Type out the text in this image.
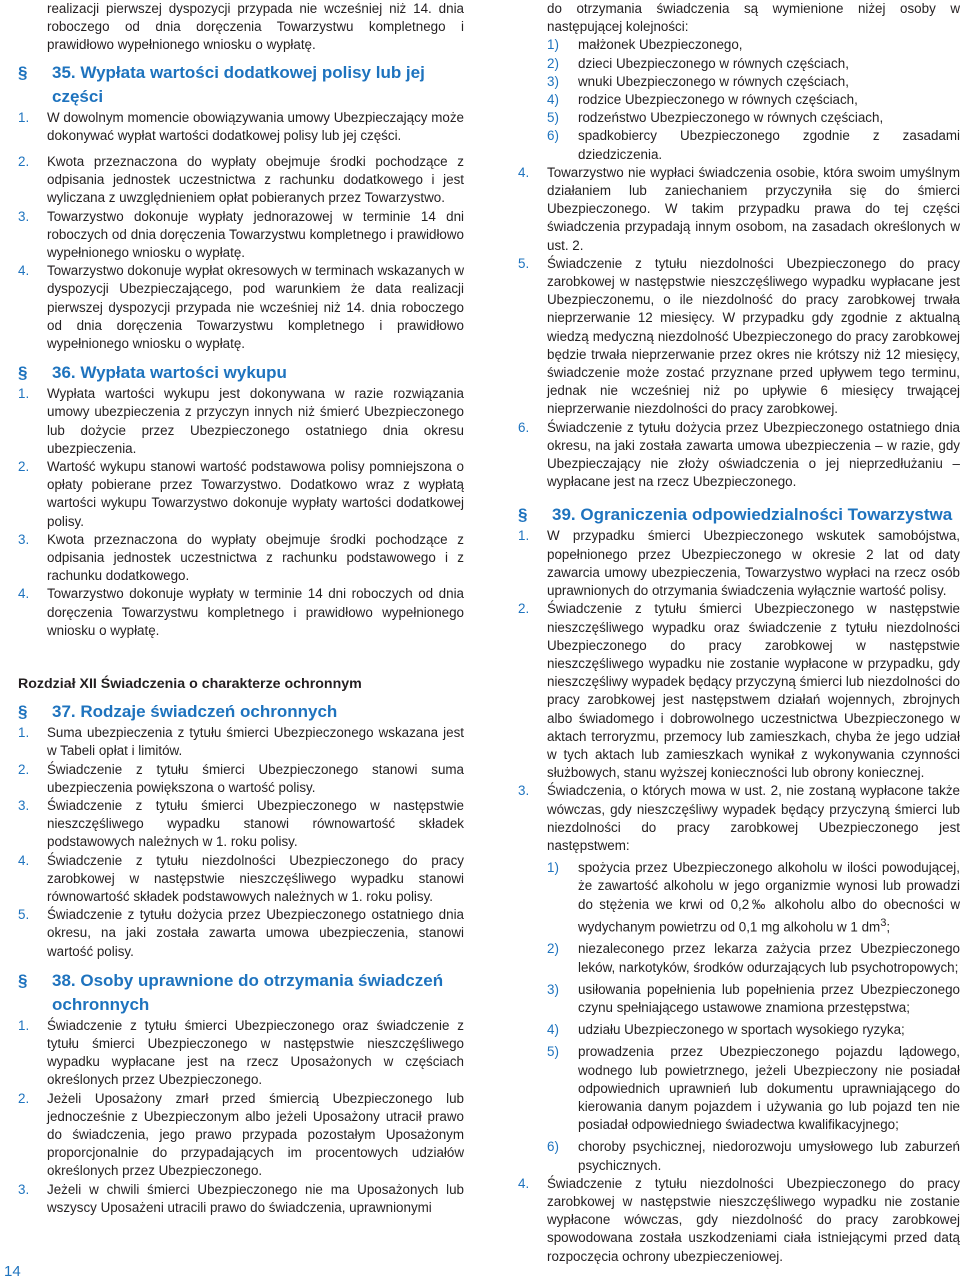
realizacji pierwszej dyspozycji przypada nie wcześniej niż 14. dnia roboczego od dnia doręczenia Towarzystwu kompletnego i prawidłowo wypełnionego wniosku o wypłatę.

§ 35. Wypłata wartości dodatkowej polisy lub jej części
1. W dowolnym momencie obowiązywania umowy Ubezpieczający może dokonywać wypłat wartości dodatkowej polisy lub jej części.
2. Kwota przeznaczona do wypłaty obejmuje środki pochodzące z odpisania jednostek uczestnictwa z rachunku dodatkowego i jest wyliczana z uwzględnieniem opłat pobieranych przez Towarzystwo.
3. Towarzystwo dokonuje wypłaty jednorazowej w terminie 14 dni roboczych od dnia doręczenia Towarzystwu kompletnego i prawidłowo wypełnionego wniosku o wypłatę.
4. Towarzystwo dokonuje wypłat okresowych w terminach wskazanych w dyspozycji Ubezpieczającego, pod warunkiem że data realizacji pierwszej dyspozycji przypada nie wcześniej niż 14. dnia roboczego od dnia doręczenia Towarzystwu kompletnego i prawidłowo wypełnionego wniosku o wypłatę.
§ 36. Wypłata wartości wykupu
1. Wypłata wartości wykupu jest dokonywana w razie rozwiązania umowy ubezpieczenia z przyczyn innych niż śmierć Ubezpieczonego lub dożycie przez Ubezpieczonego ostatniego dnia okresu ubezpieczenia.
2. Wartość wykupu stanowi wartość podstawowa polisy pomniejszona o opłaty pobierane przez Towarzystwo. Dodatkowo wraz z wypłatą wartości wykupu Towarzystwo dokonuje wypłaty wartości dodatkowej polisy.
3. Kwota przeznaczona do wypłaty obejmuje środki pochodzące z odpisania jednostek uczestnictwa z rachunku podstawowego i z rachunku dodatkowego.
4. Towarzystwo dokonuje wypłaty w terminie 14 dni roboczych od dnia doręczenia Towarzystwu kompletnego i prawidłowo wypełnionego wniosku o wypłatę.

Rozdział XII Świadczenia o charakterze ochronnym

§ 37. Rodzaje świadczeń ochronnych
1. Suma ubezpieczenia z tytułu śmierci Ubezpieczonego wskazana jest w Tabeli opłat i limitów.
2. Świadczenie z tytułu śmierci Ubezpieczonego stanowi suma ubezpieczenia powiększona o wartość polisy.
3. Świadczenie z tytułu śmierci Ubezpieczonego w następstwie nieszczęśliwego wypadku stanowi równowartość składek podstawowych należnych w 1. roku polisy.
4. Świadczenie z tytułu niezdolności Ubezpieczonego do pracy zarobkowej w następstwie nieszczęśliwego wypadku stanowi równowartość składek podstawowych należnych w 1. roku polisy.
5. Świadczenie z tytułu dożycia przez Ubezpieczonego ostatniego dnia okresu, na jaki została zawarta umowa ubezpieczenia, stanowi wartość polisy.
§ 38. Osoby uprawnione do otrzymania świadczeń ochronnych
1. Świadczenie z tytułu śmierci Ubezpieczonego oraz świadczenie z tytułu śmierci Ubezpieczonego w następstwie nieszczęśliwego wypadku wypłacane jest na rzecz Uposażonych w częściach określonych przez Ubezpieczonego.
2. Jeżeli Uposażony zmarł przed śmiercią Ubezpieczonego lub jednocześnie z Ubezpieczonym albo jeżeli Uposażony utracił prawo do świadczenia, jego prawo przypada pozostałym Uposażonym proporcjonalnie do przypadających im procentowych udziałów określonych przez Ubezpieczonego.
3. Jeżeli w chwili śmierci Ubezpieczonego nie ma Uposażonych lub wszyscy Uposażeni utracili prawo do świadczenia, uprawnionymi

do otrzymania świadczenia są wymienione niżej osoby w następującej kolejności:

1) małżonek Ubezpieczonego,
2) dzieci Ubezpieczonego w równych częściach,
3) wnuki Ubezpieczonego w równych częściach,
4) rodzice Ubezpieczonego w równych częściach,
5) rodzeństwo Ubezpieczonego w równych częściach,
6) spadkobiercy Ubezpieczonego zgodnie z zasadami dziedziczenia.
4. Towarzystwo nie wypłaci świadczenia osobie, która swoim umyślnym działaniem lub zaniechaniem przyczyniła się do śmierci Ubezpieczonego. W takim przypadku prawa do tej części świadczenia przypadają innym osobom, na zasadach określonych w ust. 2.
5. Świadczenie z tytułu niezdolności Ubezpieczonego do pracy zarobkowej w następstwie nieszczęśliwego wypadku wypłacane jest Ubezpieczonemu, o ile niezdolność do pracy zarobkowej trwała nieprzerwanie 12 miesięcy. W przypadku gdy zgodnie z aktualną wiedzą medyczną niezdolność Ubezpieczonego do pracy zarobkowej będzie trwała nieprzerwanie przez okres nie krótszy niż 12 miesięcy, świadczenie może zostać przyznane przed upływem tego terminu, jednak nie wcześniej niż po upływie 6 miesięcy trwającej nieprzerwanie niezdolności do pracy zarobkowej.
6. Świadczenie z tytułu dożycia przez Ubezpieczonego ostatniego dnia okresu, na jaki została zawarta umowa ubezpieczenia – w razie, gdy Ubezpieczający nie złoży oświadczenia o jej nieprzedłużaniu – wypłacane jest na rzecz Ubezpieczonego.
§ 39. Ograniczenia odpowiedzialności Towarzystwa
1. W przypadku śmierci Ubezpieczonego wskutek samobójstwa, popełnionego przez Ubezpieczonego w okresie 2 lat od daty zawarcia umowy ubezpieczenia, Towarzystwo wypłaci na rzecz osób uprawnionych do otrzymania świadczenia wyłącznie wartość polisy.
2. Świadczenie z tytułu śmierci Ubezpieczonego w następstwie nieszczęśliwego wypadku oraz świadczenie z tytułu niezdolności Ubezpieczonego do pracy zarobkowej w następstwie nieszczęśliwego wypadku nie zostanie wypłacone w przypadku, gdy nieszczęśliwy wypadek będący przyczyną śmierci lub niezdolności do pracy zarobkowej jest następstwem działań wojennych, zbrojnych albo świadomego i dobrowolnego uczestnictwa Ubezpieczonego w aktach terroryzmu, przemocy lub zamieszkach, chyba że jego udział w tych aktach lub zamieszkach wynikał z wykonywania czynności służbowych, stanu wyższej konieczności lub obrony koniecznej.
3. Świadczenia, o których mowa w ust. 2, nie zostaną wypłacone także wówczas, gdy nieszczęśliwy wypadek będący przyczyną śmierci lub niezdolności do pracy zarobkowej Ubezpieczonego jest następstwem:
1) spożycia przez Ubezpieczonego alkoholu w ilości powodującej, że zawartość alkoholu w jego organizmie wynosi lub prowadzi do stężenia we krwi od 0,2‰ alkoholu albo do obecności w wydychanym powietrzu od 0,1 mg alkoholu w 1 $dm^3$;
2) niezaleconego przez lekarza zażycia przez Ubezpieczonego leków, narkotyków, środków odurzających lub psychotropowych;
3) usiłowania popełnienia lub popełnienia przez Ubezpieczonego czynu spełniającego ustawowe znamiona przestępstwa;
4) udziału Ubezpieczonego w sportach wysokiego ryzyka;
5) prowadzenia przez Ubezpieczonego pojazdu lądowego, wodnego lub powietrznego, jeżeli Ubezpieczony nie posiadał odpowiednich uprawnień lub dokumentu uprawniającego do kierowania danym pojazdem i używania go lub pojazd ten nie posiadał odpowiedniego świadectwa kwalifikacyjnego;
6) choroby psychicznej, niedorozwoju umysłowego lub zaburzeń psychicznych.
4. Świadczenie z tytułu niezdolności Ubezpieczonego do pracy zarobkowej w następstwie nieszczęśliwego wypadku nie zostanie wypłacone wówczas, gdy niezdolność do pracy zarobkowej spowodowana została uszkodzeniami ciała istniejącymi przed datą rozpoczęcia ochrony ubezpieczeniowej.
14
